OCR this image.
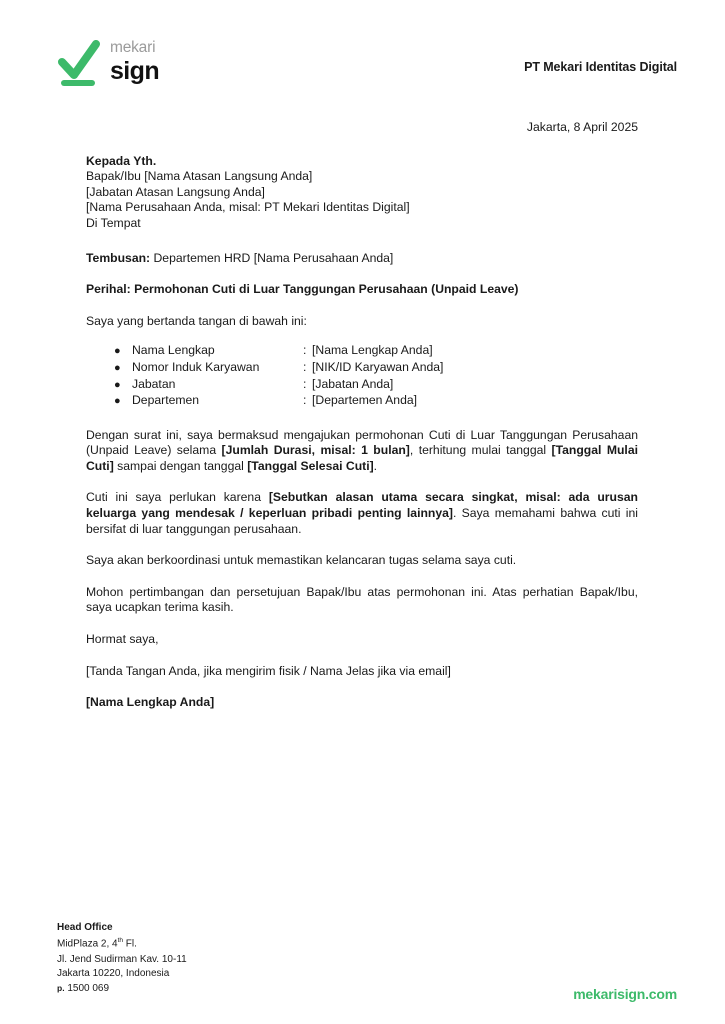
mekari
sign	PT Mekari Identitas Digital
Jakarta, 8 April 2025
Kepada Yth.
Bapak/Ibu [Nama Atasan Langsung Anda]
[Jabatan Atasan Langsung Anda]
[Nama Perusahaan Anda, misal: PT Mekari Identitas Digital]
Di Tempat
Tembusan: Departemen HRD [Nama Perusahaan Anda]
Perihal: Permohonan Cuti di Luar Tanggungan Perusahaan (Unpaid Leave)

Saya yang bertanda tangan di bawah ini:

● Nama Lengkap	: [Nama Lengkap Anda]
● Nomor Induk Karyawan	: [NIK/ID Karyawan Anda]
● Jabatan	: [Jabatan Anda]
● Departemen	: [Departemen Anda]

Dengan surat ini, saya bermaksud mengajukan permohonan Cuti di Luar Tanggungan Perusahaan (Unpaid Leave) selama [Jumlah Durasi, misal: 1 bulan], terhitung mulai tanggal [Tanggal Mulai Cuti] sampai dengan tanggal [Tanggal Selesai Cuti].

Cuti ini saya perlukan karena [Sebutkan alasan utama secara singkat, misal: ada urusan keluarga yang mendesak / keperluan pribadi penting lainnya]. Saya memahami bahwa cuti ini bersifat di luar tanggungan perusahaan.

Saya akan berkoordinasi untuk memastikan kelancaran tugas selama saya cuti.

Mohon pertimbangan dan persetujuan Bapak/Ibu atas permohonan ini. Atas perhatian Bapak/Ibu, saya ucapkan terima kasih.

Hormat saya,

[Tanda Tangan Anda, jika mengirim fisik / Nama Jelas jika via email]

[Nama Lengkap Anda]

Head Office
MidPlaza 2, 4th Fl.
Jl. Jend Sudirman Kav. 10-11
Jakarta 10220, Indonesia
p. 1500 069	mekarisign.com
